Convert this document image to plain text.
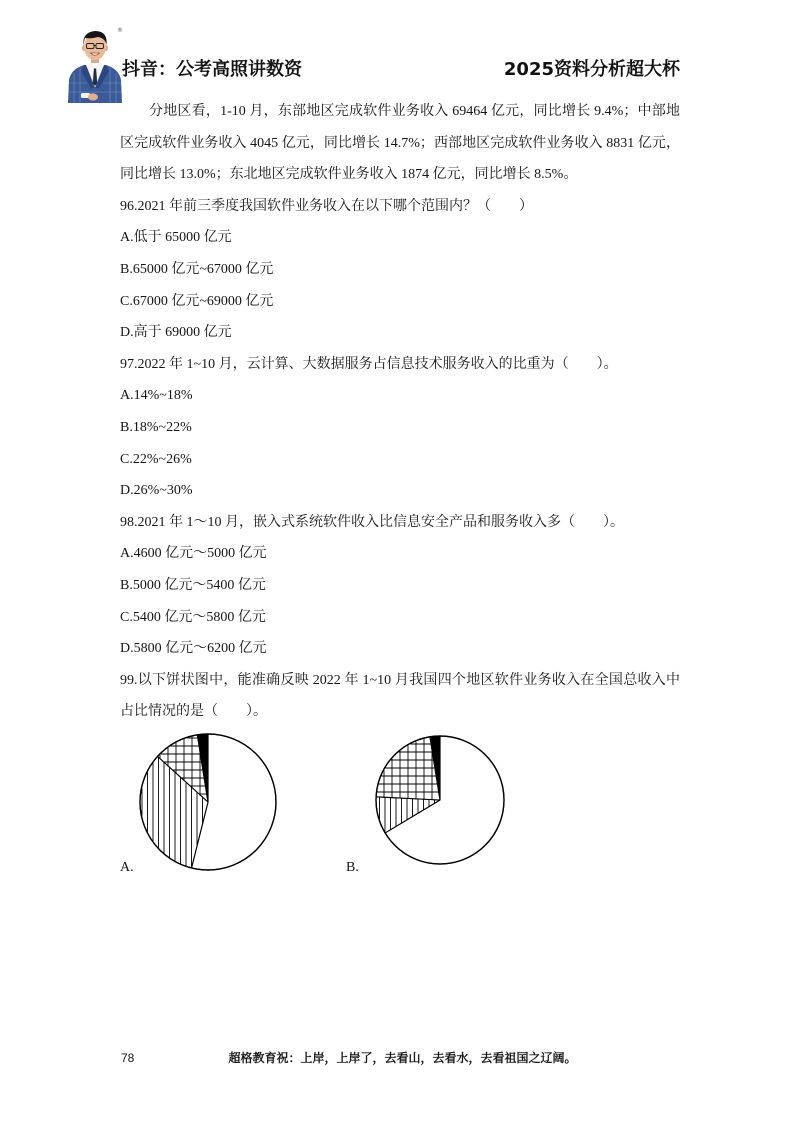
®
抖音：公考高照讲数资	2025资料分析超大杯
分地区看，1-10 月，东部地区完成软件业务收入 69464 亿元，同比增长 9.4%；中部地
区完成软件业务收入 4045 亿元，同比增长 14.7%；西部地区完成软件业务收入 8831 亿元，
同比增长 13.0%；东北地区完成软件业务收入 1874 亿元，同比增长 8.5%。
96.2021 年前三季度我国软件业务收入在以下哪个范围内？（　　）
A.低于 65000 亿元
B.65000 亿元~67000 亿元
C.67000 亿元~69000 亿元
D.高于 69000 亿元
97.2022 年 1~10 月，云计算、大数据服务占信息技术服务收入的比重为（　　）。
A.14%~18%
B.18%~22%
C.22%~26%
D.26%~30%
98.2021 年 1～10 月，嵌入式系统软件收入比信息安全产品和服务收入多（　　）。
A.4600 亿元～5000 亿元
B.5000 亿元～5400 亿元
C.5400 亿元～5800 亿元
D.5800 亿元～6200 亿元
99.以下饼状图中，能准确反映 2022 年 1~10 月我国四个地区软件业务收入在全国总收入中
占比情况的是（　　）。
A.	B.
78	超格教育祝：上岸，上岸了，去看山，去看水，去看祖国之辽阔。
